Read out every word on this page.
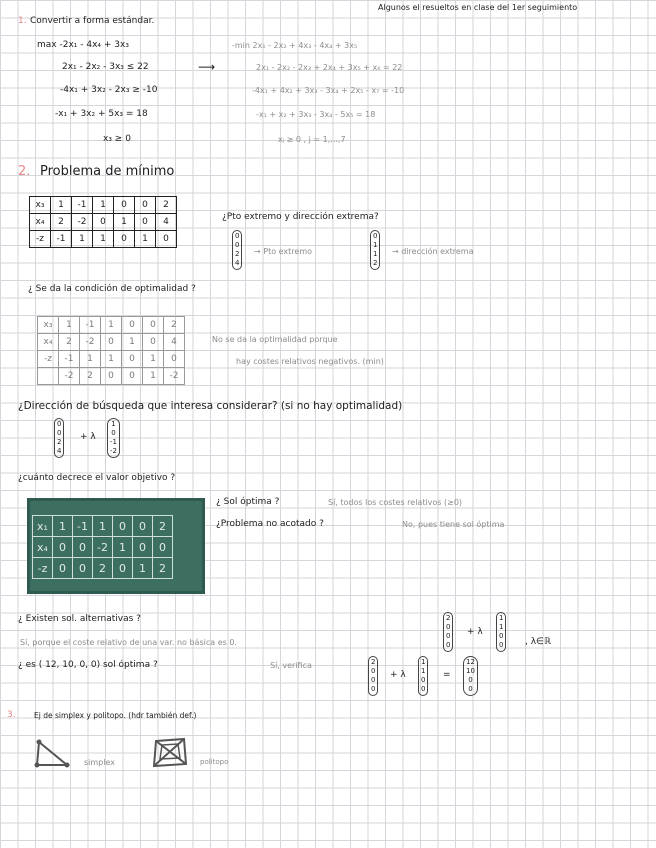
Algunos el resueltos en clase del 1er seguimiento
1. Convertir a forma estándar.
max -2x₁ - 4x₄ + 3x₃
2x₁ - 2x₂ - 3x₃ ≤ 22
-4x₁ + 3x₂ - 2x₃ ≥ -10
-x₁ + 3x₂ + 5x₃ = 18
x₃ ≥ 0
⟶
-min 2x₁ - 2x₂ + 4x₃ - 4x₄ + 3x₅
2x₁ - 2x₂ - 2x₃ + 2x₄ + 3x₅ + x₆ = 22
-4x₁ + 4x₂ + 3x₃ - 3x₄ + 2x₅ - x₇ = -10
-x₁ + x₂ + 3x₃ - 3x₄ - 5x₅ = 18
xⱼ ≥ 0 , j = 1,...,7
2. Problema de mínimo
x₃	1	-1	1	0	0	2
x₄	2	-2	0	1	0	4
-z	-1	1	1	0	1	0
¿Pto extremo y dirección extrema?
0
0
2
4
→ Pto extremo
0
1
1
2
→ dirección extrema
¿ Se da la condición de optimalidad ?
x₃	1	-1	1	0	0	2
x₄	2	-2	0	1	0	4
-z	-1	1	1	0	1	0
	-2	2	0	0	1	-2
No se da la optimalidad porque
hay costes relativos negativos. (min)
¿Dirección de búsqueda que interesa considerar? (si no hay optimalidad)
0
0
2
4
+ λ
1
0
-1
-2
¿cuánto decrece el valor objetivo ?
x₁	1	-1	1	0	0	2
x₄	0	0	-2	1	0	0
-z	0	0	2	0	1	2
¿ Sol óptima ?	Sí, todos los costes relativos (≥0)
¿Problema no acotado ?	No, pues tiene sol óptima
¿ Existen sol. alternativas ?
Sí, porque el coste relativo de una var. no básica es 0.
2
0
0
0
+ λ
1
1
0
0 , λ∈ℝ
¿ es ( 12, 10, 0, 0) sol óptima ?	Sí, verifica	2
0
0
0
+ λ
1
1
0
0
=
12
10
0
0
3. Ej de simplex y politopo. (hdr también def.)
simplex	politopo
